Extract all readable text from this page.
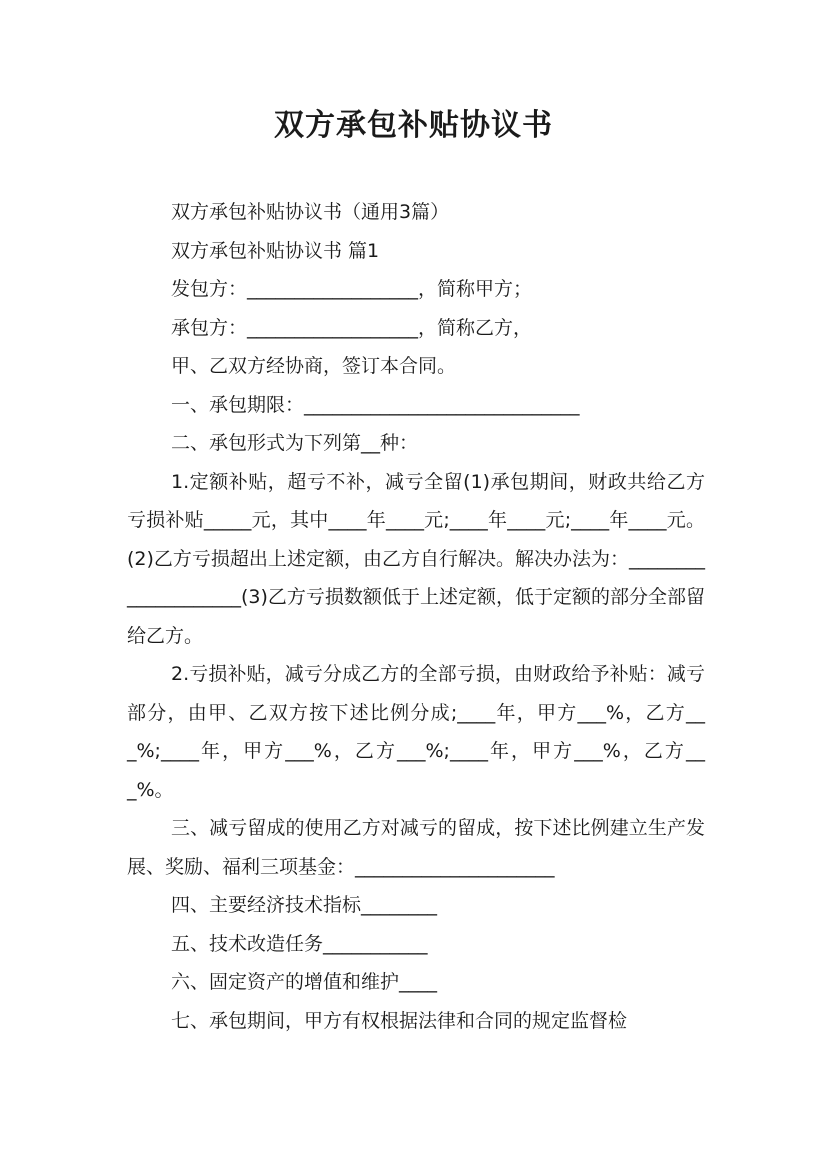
双方承包补贴协议书

双方承包补贴协议书（通用3篇）

双方承包补贴协议书 篇1

发包方：__________________，简称甲方；

承包方：__________________，简称乙方，

甲、乙双方经协商，签订本合同。

一、承包期限：_____________________________

二、承包形式为下列第__种：

1.定额补贴，超亏不补，减亏全留(1)承包期间，财政共给乙方亏损补贴_____元，其中____年____元;____年____元;____年____元。(2)乙方亏损超出上述定额，由乙方自行解决。解决办法为：____________________(3)乙方亏损数额低于上述定额，低于定额的部分全部留给乙方。

2.亏损补贴，减亏分成乙方的全部亏损，由财政给予补贴：减亏部分，由甲、乙双方按下述比例分成;____年，甲方___%，乙方___%;____年，甲方___%，乙方___%;____年，甲方___%，乙方___%。

三、减亏留成的使用乙方对减亏的留成，按下述比例建立生产发展、奖励、福利三项基金：_____________________

四、主要经济技术指标________

五、技术改造任务___________

六、固定资产的增值和维护____

七、承包期间，甲方有权根据法律和合同的规定监督检
